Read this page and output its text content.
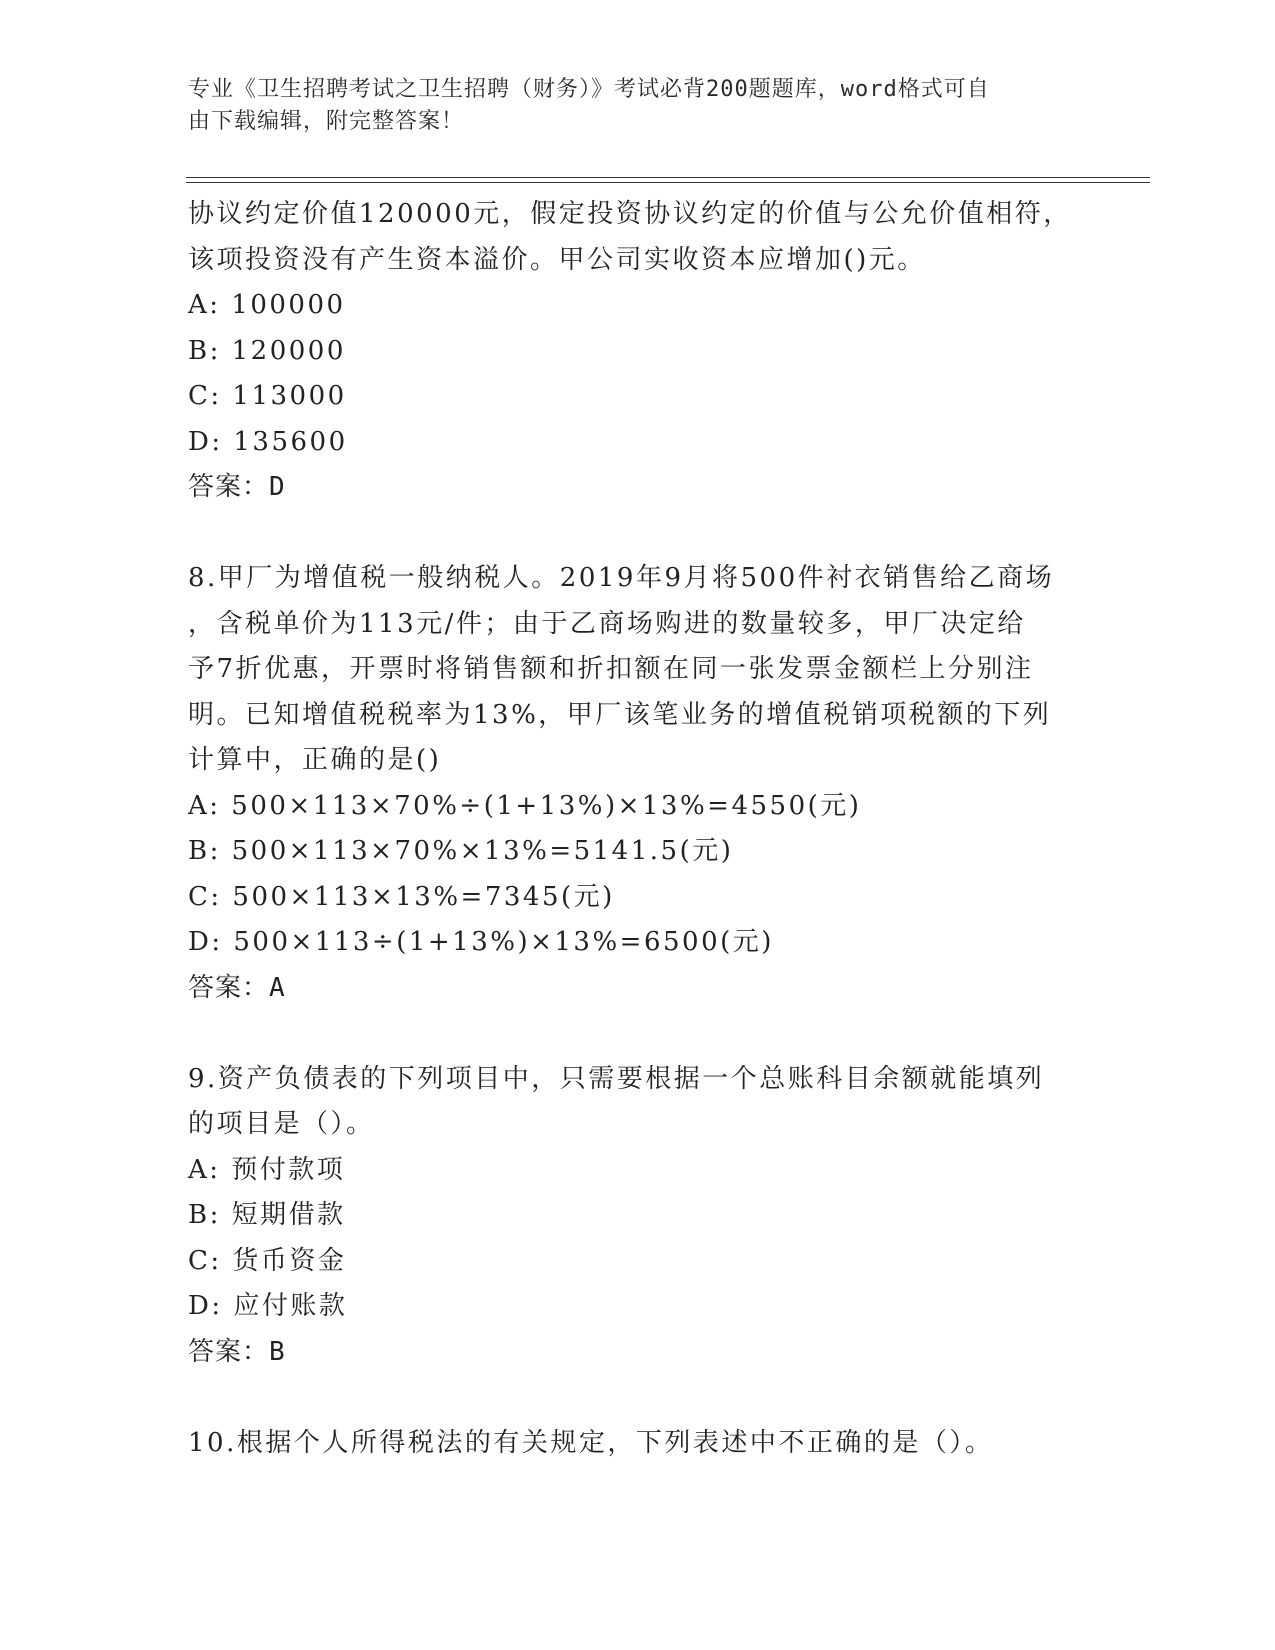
专业《卫生招聘考试之卫生招聘（财务）》考试必背200题题库，word格式可自
由下载编辑，附完整答案！
协议约定价值120000元，假定投资协议约定的价值与公允价值相符，
该项投资没有产生资本溢价。甲公司实收资本应增加()元。
A: 100000
B: 120000
C: 113000
D: 135600
答案：D
8.甲厂为增值税一般纳税人。2019年9月将500件衬衣销售给乙商场
，含税单价为113元/件；由于乙商场购进的数量较多，甲厂决定给
予7折优惠，开票时将销售额和折扣额在同一张发票金额栏上分别注
明。已知增值税税率为13%，甲厂该笔业务的增值税销项税额的下列
计算中，正确的是()
A: 500×113×70%÷(1+13%)×13%=4550(元)
B: 500×113×70%×13%=5141.5(元)
C: 500×113×13%=7345(元)
D: 500×113÷(1+13%)×13%=6500(元)
答案：A
9.资产负债表的下列项目中，只需要根据一个总账科目余额就能填列
的项目是（）。
A: 预付款项
B: 短期借款
C: 货币资金
D: 应付账款
答案：B
10.根据个人所得税法的有关规定，下列表述中不正确的是（）。
